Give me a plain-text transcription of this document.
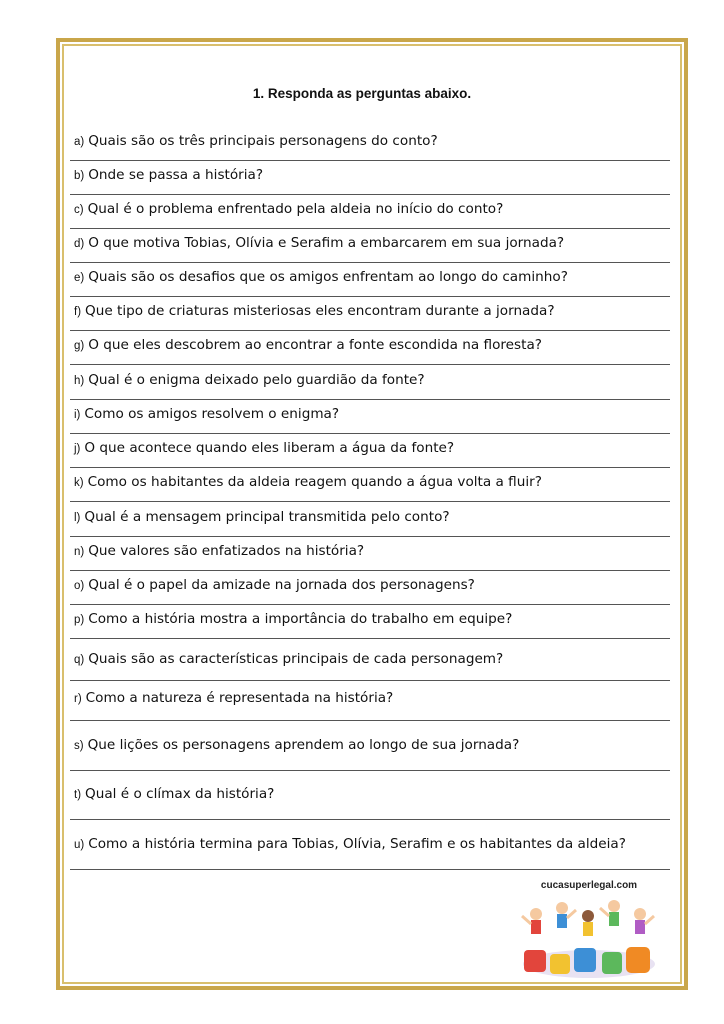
1. Responda as perguntas abaixo.
a) Quais são os três principais personagens do conto?
b) Onde se passa a história?
c) Qual é o problema enfrentado pela aldeia no início do conto?
d) O que motiva Tobias, Olívia e Serafim a embarcarem em sua jornada?
e) Quais são os desafios que os amigos enfrentam ao longo do caminho?
f) Que tipo de criaturas misteriosas eles encontram durante a jornada?
g) O que eles descobrem ao encontrar a fonte escondida na floresta?
h) Qual é o enigma deixado pelo guardião da fonte?
i) Como os amigos resolvem o enigma?
j) O que acontece quando eles liberam a água da fonte?
k) Como os habitantes da aldeia reagem quando a água volta a fluir?
l) Qual é a mensagem principal transmitida pelo conto?
n) Que valores são enfatizados na história?
o) Qual é o papel da amizade na jornada dos personagens?
p) Como a história mostra a importância do trabalho em equipe?
q) Quais são as características principais de cada personagem?
r) Como a natureza é representada na história?
s) Que lições os personagens aprendem ao longo de sua jornada?
t) Qual é o clímax da história?
u) Como a história termina para Tobias, Olívia, Serafim e os habitantes da aldeia?
cucasuperlegal.com
